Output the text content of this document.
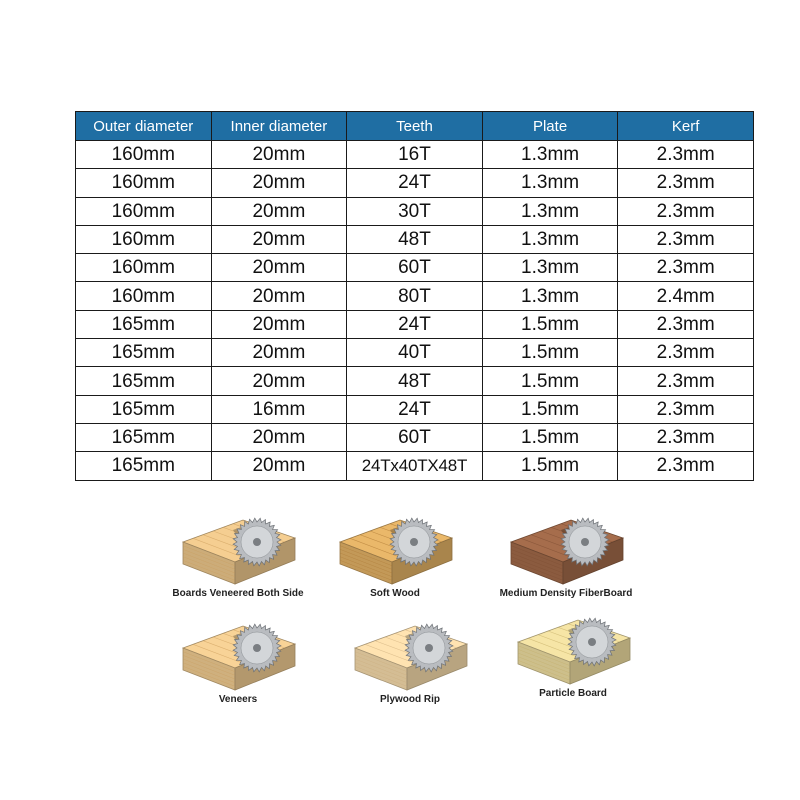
Outer diameter	Inner diameter	Teeth	Plate	Kerf
160mm	20mm	16T	1.3mm	2.3mm
160mm	20mm	24T	1.3mm	2.3mm
160mm	20mm	30T	1.3mm	2.3mm
160mm	20mm	48T	1.3mm	2.3mm
160mm	20mm	60T	1.3mm	2.3mm
160mm	20mm	80T	1.3mm	2.4mm
165mm	20mm	24T	1.5mm	2.3mm
165mm	20mm	40T	1.5mm	2.3mm
165mm	20mm	48T	1.5mm	2.3mm
165mm	16mm	24T	1.5mm	2.3mm
165mm	20mm	60T	1.5mm	2.3mm
165mm	20mm	24Tx40TX48T	1.5mm	2.3mm
Boards Veneered Both Side	Soft Wood	Medium Density FiberBoard
Veneers	Plywood Rip
Particle Board
